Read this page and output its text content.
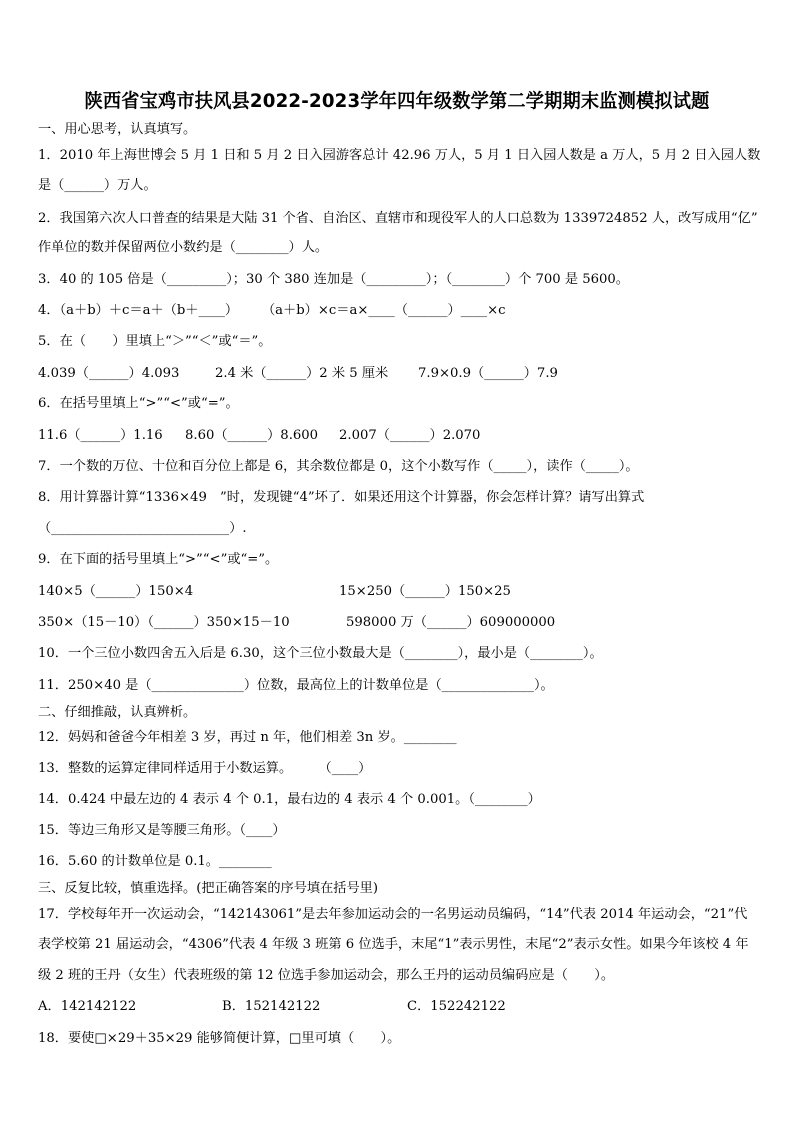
陕西省宝鸡市扶风县2022-2023学年四年级数学第二学期期末监测模拟试题
一、用心思考，认真填写。
1．2010 年上海世博会 5 月 1 日和 5 月 2 日入园游客总计 42.96 万人，5 月 1 日入园人数是 a 万人，5 月 2 日入园人数
是（______）万人。
2．我国第六次人口普查的结果是大陆 31 个省、自治区、直辖市和现役军人的人口总数为 1339724852 人，改写成用“亿”
作单位的数并保留两位小数约是（________）人。
3．40 的 105 倍是（_________）；30 个 380 连加是（_________）；（________）个 700 是 5600。
4．（a＋b）＋c＝a＋（b＋____） （a＋b）×c＝a×____（______）____×c
5．在（　　）里填上“＞”“＜”或“＝”。
4.039（______）4.093	2.4 米（______）2 米 5 厘米 7.9×0.9（______）7.9
6．在括号里填上“>”“<”或“=”。
11.6（______）1.16 8.60（______）8.600 2.007（______）2.070
7．一个数的万位、十位和百分位上都是 6，其余数位都是 0，这个小数写作（_____），读作（_____）。
8．用计算器计算“1336×49　”时，发现键“4”坏了．如果还用这个计算器，你会怎样计算？请写出算式
（___________________________）.
9．在下面的括号里填上“>”“<”或“=”。
140×5（______）150×4	15×250（______）150×25
350×（15－10）（______）350×15－10	598000 万（______）609000000
10．一个三位小数四舍五入后是 6.30，这个三位小数最大是（________），最小是（________）。
11．250×40 是（______________）位数，最高位上的计数单位是（______________）。
二、仔细推敲，认真辨析。
12．妈妈和爸爸今年相差 3 岁，再过 n 年，他们相差 3n 岁。________
13．整数的运算定律同样适用于小数运算。　　　（____）
14．0.424 中最左边的 4 表示 4 个 0.1，最右边的 4 表示 4 个 0.001。（________）
15．等边三角形又是等腰三角形。（____）
16．5.60 的计数单位是 0.1。________
三、反复比较，慎重选择。(把正确答案的序号填在括号里)
17．学校每年开一次运动会，“142143061”是去年参加运动会的一名男运动员编码，“14”代表 2014 年运动会，“21”代
表学校第 21 届运动会，“4306”代表 4 年级 3 班第 6 位选手，末尾“1”表示男性，末尾“2”表示女性。如果今年该校 4 年
级 2 班的王丹（女生）代表班级的第 12 位选手参加运动会，那么王丹的运动员编码应是（　　）。
A．142142122	B．152142122	C．152242122
18．要使□×29＋35×29 能够简便计算，□里可填（　　）。
